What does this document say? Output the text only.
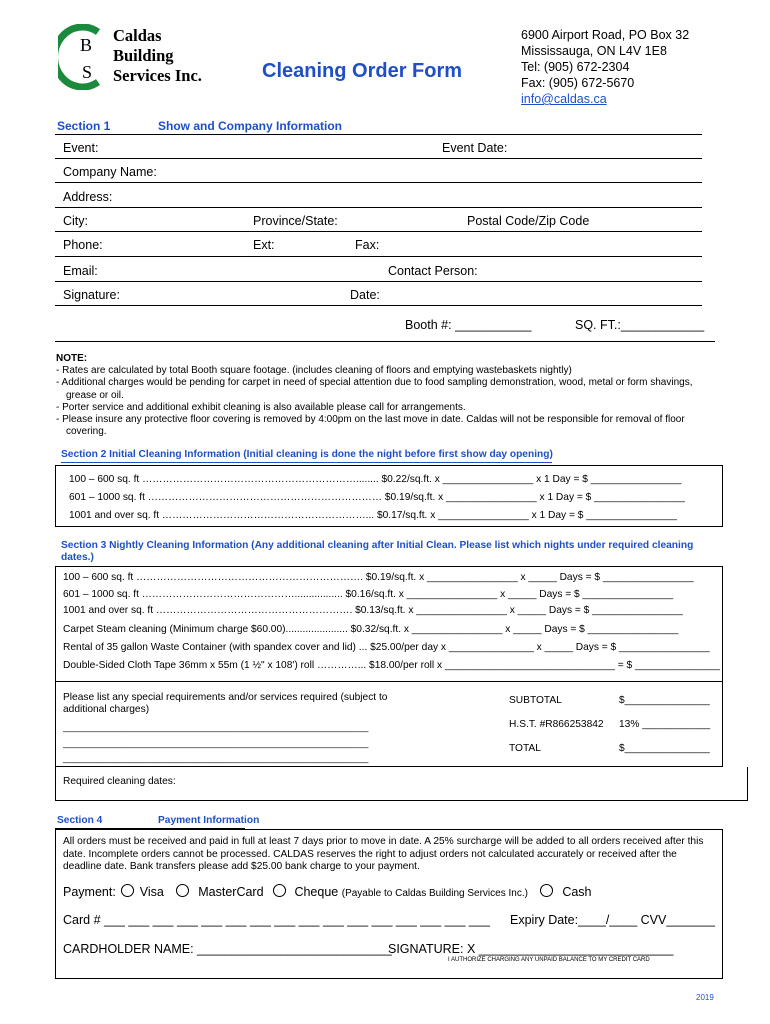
B
S
Caldas
Building
Services Inc.	Cleaning Order Form
6900 Airport Road, PO Box 32
Mississauga, ON L4V 1E8
Tel: (905) 672-2304
Fax: (905) 672-5670
info@caldas.ca
Section 1	Show and Company Information
Event:	Event Date:
Company Name:
Address:
City:	Province/State:	Postal Code/Zip Code
Phone:	Ext:	Fax:
Email:	Contact Person:
Signature:	Date:
Booth #: ___________	SQ. FT.:____________
NOTE:
- Rates are calculated by total Booth square footage. (includes cleaning of floors and emptying wastebaskets nightly)
- Additional charges would be pending for carpet in need of special attention due to food sampling demonstration, wood, metal or form shavings,
grease or oil.
- Porter service and additional exhibit cleaning is also available please call for arrangements.
- Please insure any protective floor covering is removed by 4:00pm on the last move in date. Caldas will not be responsible for removal of floor
covering.
Section 2 Initial Cleaning Information (Initial cleaning is done the night before first show day opening)
100 – 600 sq. ft ………………………………………………………........ $0.22/sq.ft. x ________________ x 1 Day = $ ________________
601 – 1000 sq. ft …………………………………………………………… $0.19/sq.ft. x ________________ x 1 Day = $ ________________
1001 and over sq. ft ……………………………………………………... $0.17/sq.ft. x ________________ x 1 Day = $ ________________
Section 3 Nightly Cleaning Information (Any additional cleaning after Initial Clean. Please list which nights under required cleaning
dates.)
100 – 600 sq. ft …………………………………………………………. $0.19/sq.ft. x ________________ x _____ Days = $ ________________
601 – 1000 sq. ft ………………………………………................. $0.16/sq.ft. x ________________ x _____ Days = $ ________________
1001 and over sq. ft …………………………………………………. $0.13/sq.ft. x ________________ x _____ Days = $ ________________
Carpet Steam cleaning (Minimum charge $60.00)...................... $0.32/sq.ft. x ________________ x _____ Days = $ ________________
Rental of 35 gallon Waste Container (with spandex cover and lid) ... $25.00/per day x _______________ x _____ Days = $ ________________
Double-Sided Cloth Tape 36mm x 55m (1 ½" x 108') roll …………... $18.00/per roll x ______________________________ = $ _______________
Please list any special requirements and/or services required (subject to
additional charges)
_____________________________________________________________
_____________________________________________________________
_____________________________________________________________
SUBTOTAL	$_______________
H.S.T. #R866253842 13% ____________
TOTAL	$_______________
Required cleaning dates:
Section 4	Payment Information
All orders must be received and paid in full at least 7 days prior to move in date. A 25% surcharge will be added to all orders received after this
date. Incomplete orders cannot be processed. CALDAS reserves the right to adjust orders not calculated accurately or received after the
deadline date. Bank transfers please add $25.00 bank charge to your payment.
Payment: Visa	MasterCard Cheque (Payable to Caldas Building Services Inc.)	Cash
Card # ___ ___ ___ ___ ___ ___ ___ ___ ___ ___ ___ ___ ___ ___ ___ ___ Expiry Date:____/____ CVV_______
CARDHOLDER NAME: ____________________________
SIGNATURE: X ____________________________
I AUTHORIZE CHARGING ANY UNPAID BALANCE TO MY CREDIT CARD
2019
